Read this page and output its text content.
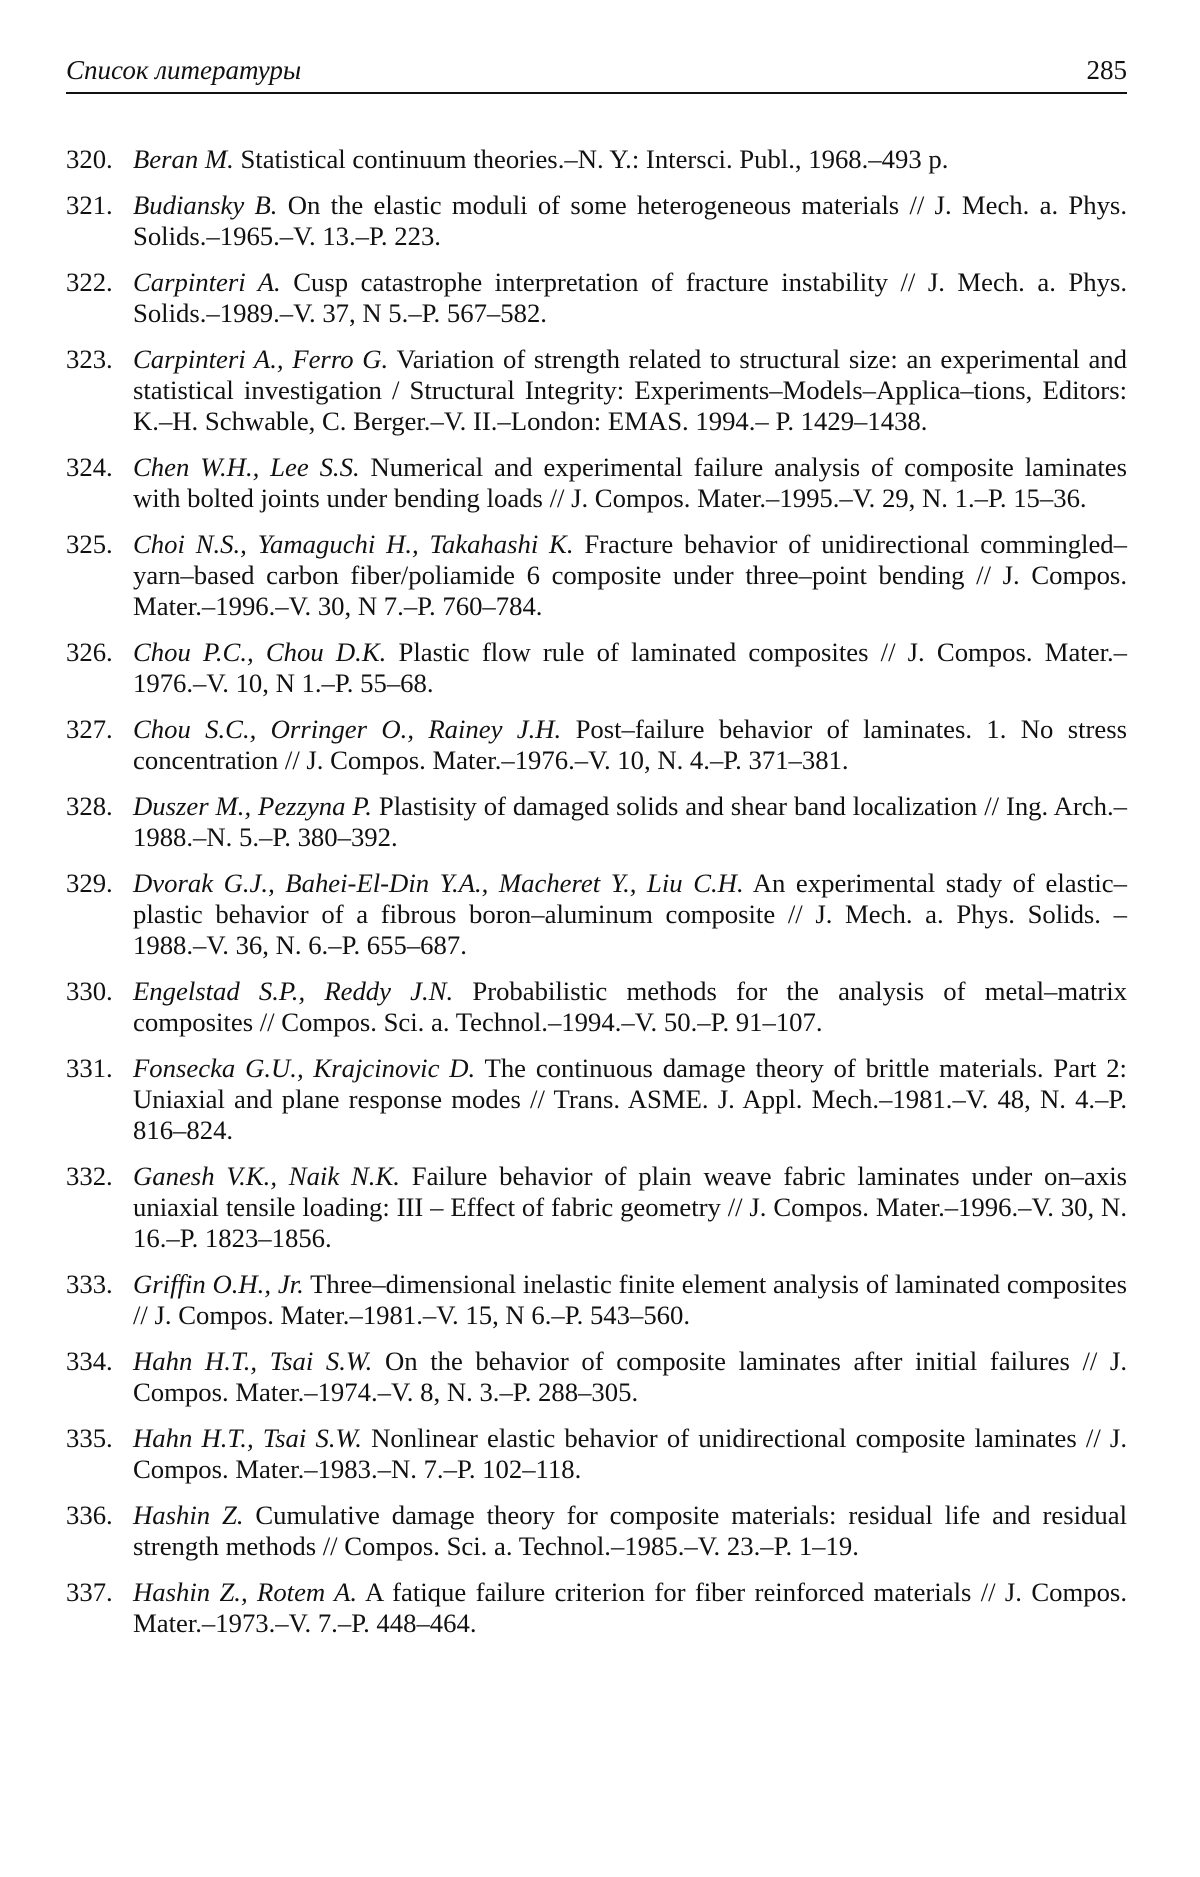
Список литературы	285
320. Beran M. Statistical continuum theories.–N. Y.: Intersci. Publ., 1968.–493 p.
321. Budiansky B. On the elastic moduli of some heterogeneous materials // J. Mech. a. Phys. Solids.–1965.–V. 13.–P. 223.
322. Carpinteri A. Cusp catastrophe interpretation of fracture instability // J. Mech. a. Phys. Solids.–1989.–V. 37, N 5.–P. 567–582.
323. Carpinteri A., Ferro G. Variation of strength related to structural size: an experimental and statistical investigation / Structural Integrity: Experiments–Models–Applica–tions, Editors: K.–H. Schwable, C. Berger.–V. II.–London: EMAS. 1994.– P. 1429–1438.
324. Chen W.H., Lee S.S. Numerical and experimental failure analysis of composite laminates with bolted joints under bending loads // J. Compos. Mater.–1995.–V. 29, N. 1.–P. 15–36.
325. Choi N.S., Yamaguchi H., Takahashi K. Fracture behavior of unidirectional commingled–yarn–based carbon fiber/poliamide 6 composite under three–point bending // J. Compos. Mater.–1996.–V. 30, N 7.–P. 760–784.
326. Chou P.C., Chou D.K. Plastic flow rule of laminated composites // J. Compos. Mater.–1976.–V. 10, N 1.–P. 55–68.
327. Chou S.C., Orringer O., Rainey J.H. Post–failure behavior of laminates. 1. No stress concentration // J. Compos. Mater.–1976.–V. 10, N. 4.–P. 371–381.
328. Duszer M., Pezzyna P. Plastisity of damaged solids and shear band localization // Ing. Arch.–1988.–N. 5.–P. 380–392.
329. Dvorak G.J., Bahei-El-Din Y.A., Macheret Y., Liu C.H. An experimental stady of elastic–plastic behavior of a fibrous boron–aluminum composite // J. Mech. a. Phys. Solids. – 1988.–V. 36, N. 6.–P. 655–687.
330. Engelstad S.P., Reddy J.N. Probabilistic methods for the analysis of metal–matrix composites // Compos. Sci. a. Technol.–1994.–V. 50.–P. 91–107.
331. Fonsecka G.U., Krajcinovic D. The continuous damage theory of brittle materials. Part 2: Uniaxial and plane response modes // Trans. ASME. J. Appl. Mech.–1981.–V. 48, N. 4.–P. 816–824.
332. Ganesh V.K., Naik N.K. Failure behavior of plain weave fabric laminates under on–axis uniaxial tensile loading: III – Effect of fabric geometry // J. Compos. Mater.–1996.–V. 30, N. 16.–P. 1823–1856.
333. Griffin O.H., Jr. Three–dimensional inelastic finite element analysis of laminated composites // J. Compos. Mater.–1981.–V. 15, N 6.–P. 543–560.
334. Hahn H.T., Tsai S.W. On the behavior of composite laminates after initial failures // J. Compos. Mater.–1974.–V. 8, N. 3.–P. 288–305.
335. Hahn H.T., Tsai S.W. Nonlinear elastic behavior of unidirectional composite laminates // J. Compos. Mater.–1983.–N. 7.–P. 102–118.
336. Hashin Z. Cumulative damage theory for composite materials: residual life and residual strength methods // Compos. Sci. a. Technol.–1985.–V. 23.–P. 1–19.
337. Hashin Z., Rotem A. A fatique failure criterion for fiber reinforced materials // J. Compos. Mater.–1973.–V. 7.–P. 448–464.
